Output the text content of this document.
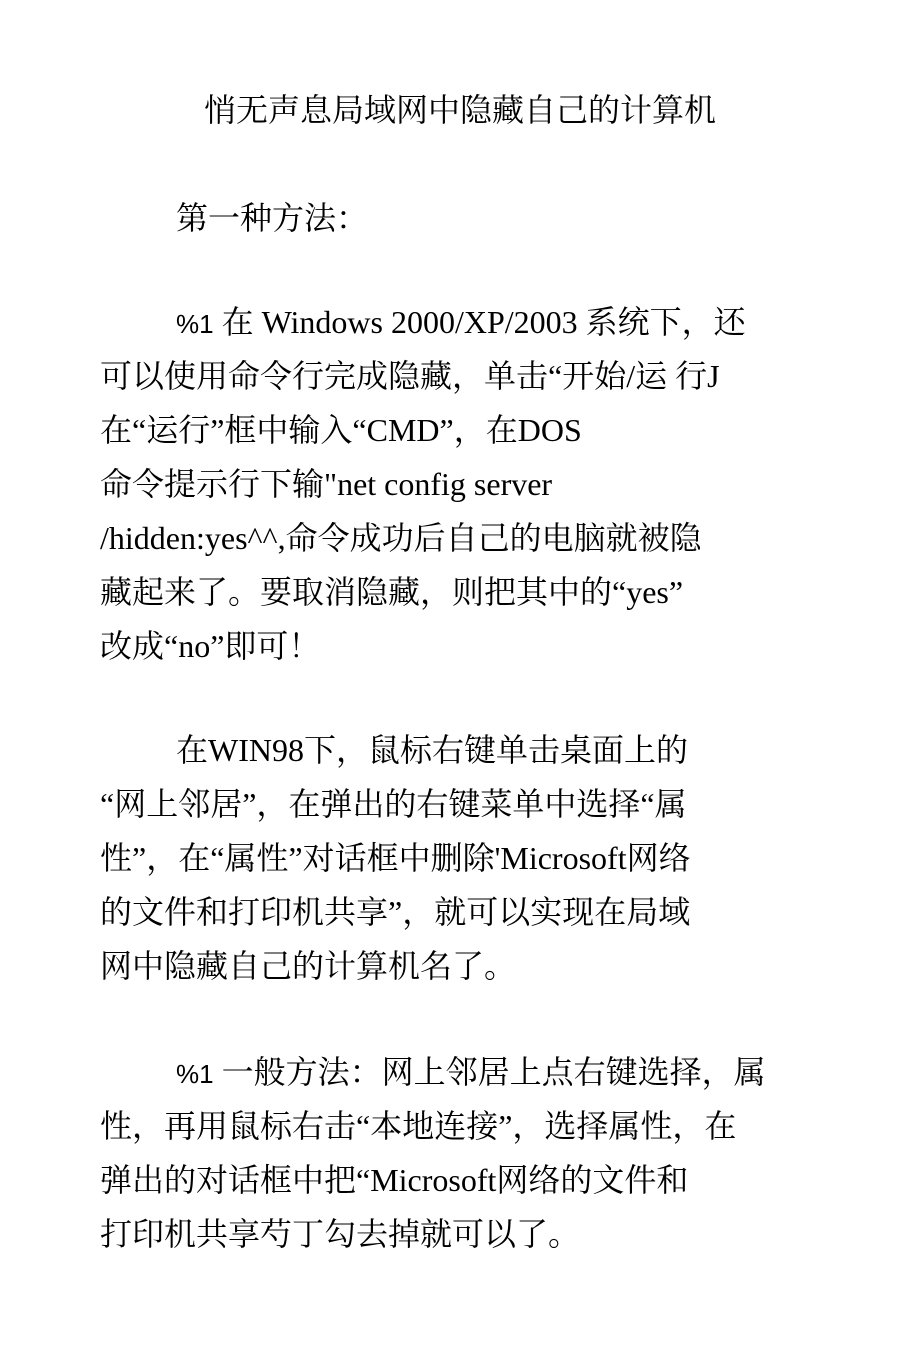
悄无声息局域网中隐藏自己的计算机
第一种方法：
%1 在 Windows 2000/XP/2003 系统下，还
可以使用命令行完成隐藏，单击“开始/运 行J
在“运行”框中输入“CMD”，在DOS
命令提示行下输"net config server
/hidden:yes^^,命令成功后自己的电脑就被隐
藏起来了。要取消隐藏，则把其中的“yes”
改成“no”即可！
在WIN98下，鼠标右键单击桌面上的
“网上邻居”，在弹出的右键菜单中选择“属
性”，在“属性”对话框中删除'Microsoft网络
的文件和打印机共享”，就可以实现在局域
网中隐藏自己的计算机名了。
%1 一般方法：网上邻居上点右键选择，属
性，再用鼠标右击“本地连接”，选择属性，在
弹出的对话框中把“Microsoft网络的文件和
打印机共享芍丁勾去掉就可以了。
